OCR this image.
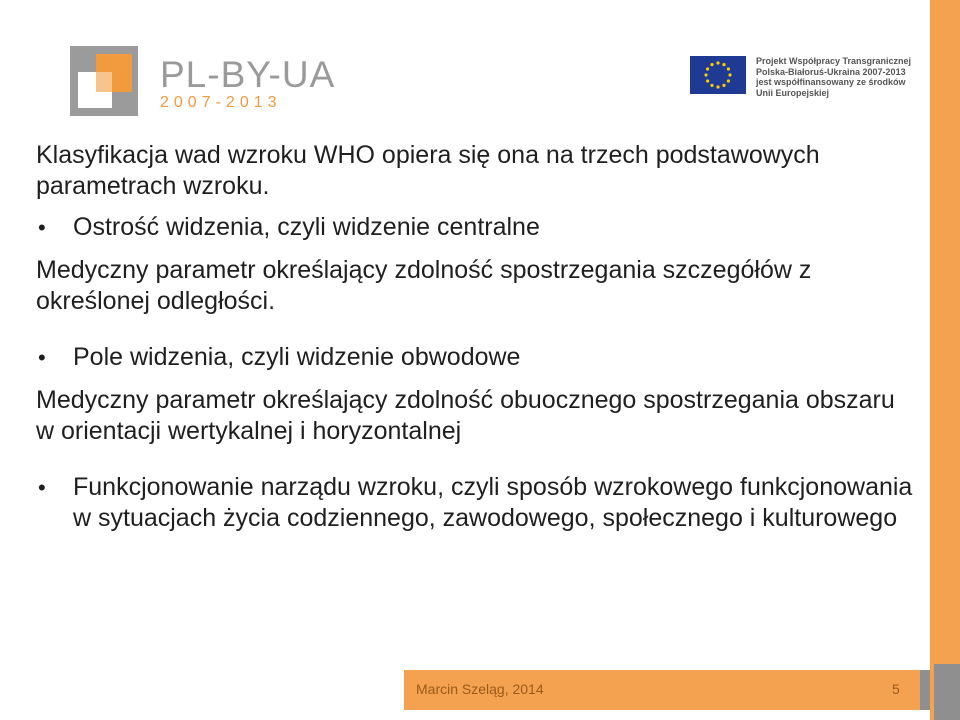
PL-BY-UA
2007-2013
Projekt Współpracy Transgranicznej
Polska-Białoruś-Ukraina 2007-2013
jest współfinansowany ze środków
Unii Europejskiej

Klasyfikacja wad wzroku WHO opiera się ona na trzech podstawowych parametrach wzroku.

• Ostrość widzenia, czyli widzenie centralne

Medyczny parametr określający zdolność spostrzegania szczegółów z określonej odległości.

• Pole widzenia, czyli widzenie obwodowe

Medyczny parametr określający zdolność obuocznego spostrzegania obszaru w orientacji wertykalnej i horyzontalnej

• Funkcjonowanie narządu wzroku, czyli sposób wzrokowego funkcjonowania w sytuacjach życia codziennego, zawodowego, społecznego i kulturowego

Marcin Szeląg, 2014	5
